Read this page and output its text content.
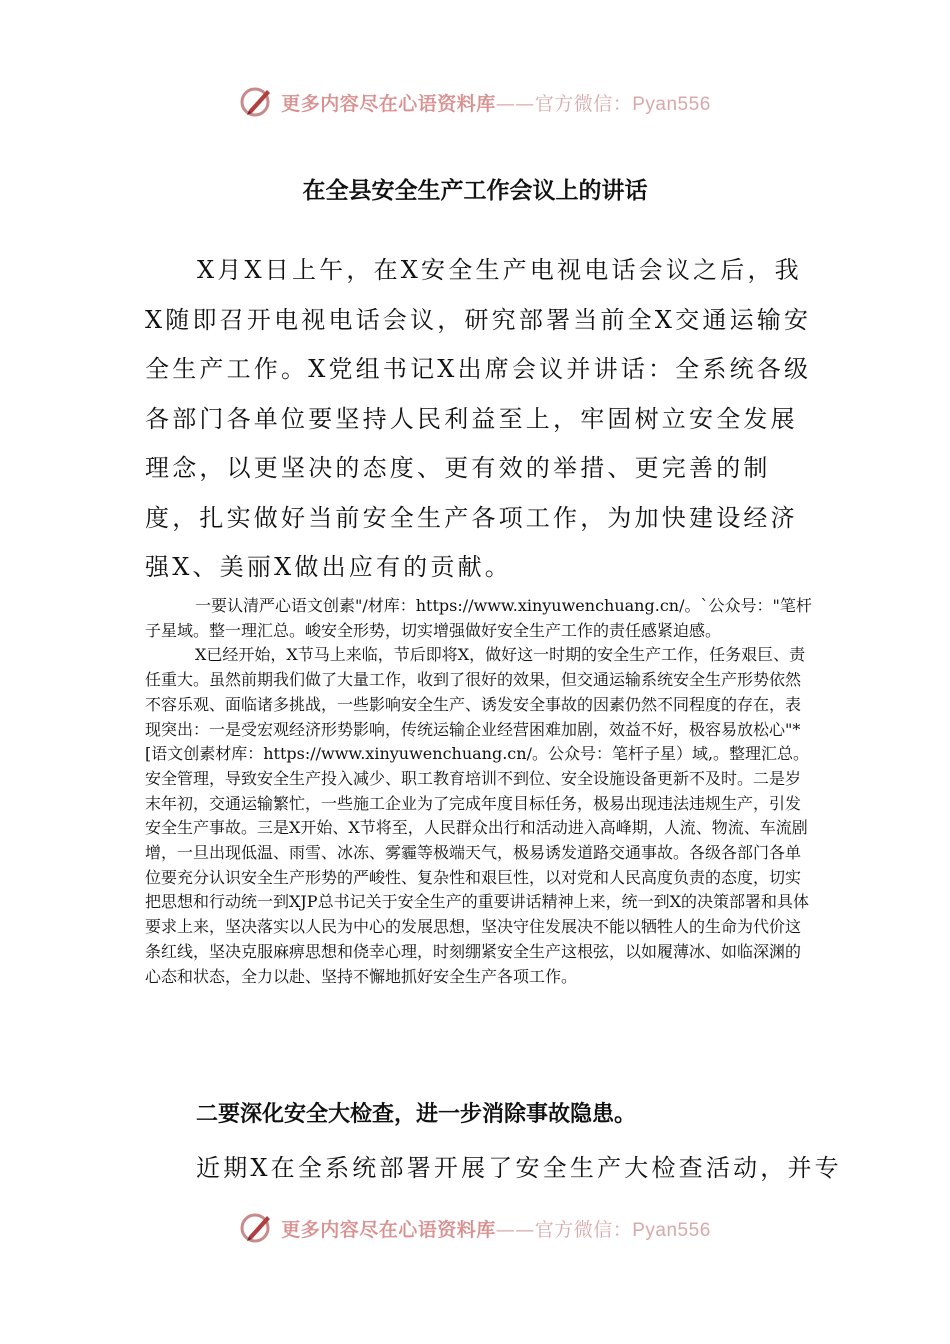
更多内容尽在心语资料库——官方微信：Pyan556
在全县安全生产工作会议上的讲话

X月X日上午，在X安全生产电视电话会议之后，我X随即召开电视电话会议，研究部署当前全X交通运输安全生产工作。X党组书记X出席会议并讲话：全系统各级各部门各单位要坚持人民利益至上，牢固树立安全发展理念，以更坚决的态度、更有效的举措、更完善的制度，扎实做好当前安全生产各项工作，为加快建设经济强X、美丽X做出应有的贡献。

一要认清严心语文创素"/材库：https://www.xinyuwenchuang.cn/。`公众号："笔杆子星域。整一理汇总。峻安全形势，切实增强做好安全生产工作的责任感紧迫感。

X已经开始，X节马上来临，节后即将X，做好这一时期的安全生产工作，任务艰巨、责任重大。虽然前期我们做了大量工作，收到了很好的效果，但交通运输系统安全生产形势依然不容乐观、面临诸多挑战，一些影响安全生产、诱发安全事故的因素仍然不同程度的存在，表现突出：一是受宏观经济形势影响，传统运输企业经营困难加剧，效益不好，极容易放松心"*[语文创素材库：https://www.xinyuwenchuang.cn/。公众号：笔杆子星）域,。整理汇总。安全管理，导致安全生产投入减少、职工教育培训不到位、安全设施设备更新不及时。二是岁末年初，交通运输繁忙，一些施工企业为了完成年度目标任务，极易出现违法违规生产，引发安全生产事故。三是X开始、X节将至，人民群众出行和活动进入高峰期，人流、物流、车流剧增，一旦出现低温、雨雪、冰冻、雾霾等极端天气，极易诱发道路交通事故。各级各部门各单位要充分认识安全生产形势的严峻性、复杂性和艰巨性，以对党和人民高度负责的态度，切实把思想和行动统一到XJP总书记关于安全生产的重要讲话精神上来，统一到X的决策部署和具体要求上来，坚决落实以人民为中心的发展思想，坚决守住发展决不能以牺牲人的生命为代价这条红线，坚决克服麻痹思想和侥幸心理，时刻绷紧安全生产这根弦，以如履薄冰、如临深渊的心态和状态，全力以赴、坚持不懈地抓好安全生产各项工作。

二要深化安全大检查，进一步消除事故隐患。

近期X在全系统部署开展了安全生产大检查活动，并专

更多内容尽在心语资料库——官方微信：Pyan556
